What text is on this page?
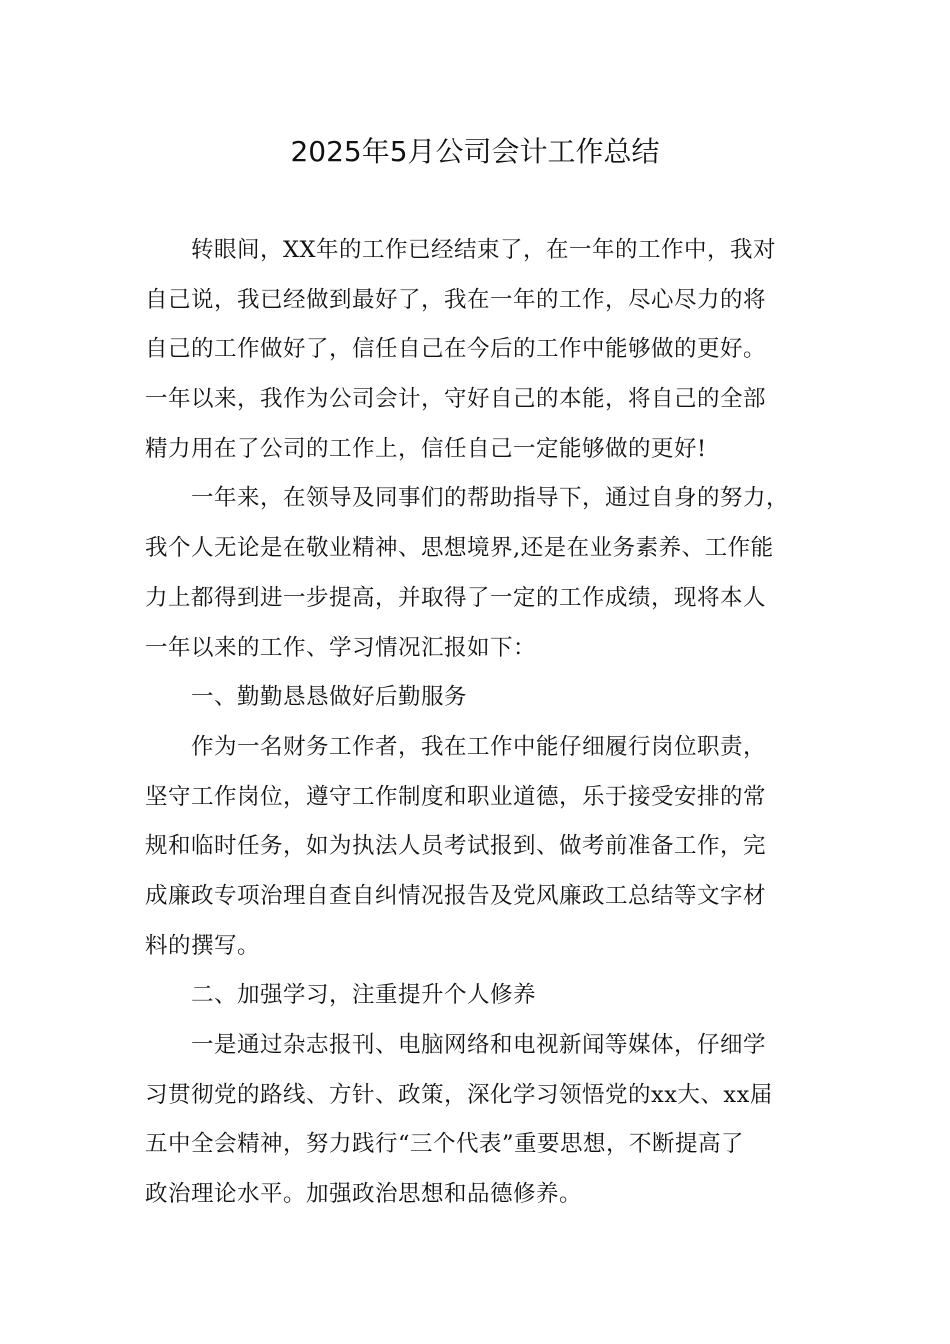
2025年5月公司会计工作总结
转眼间，XX年的工作已经结束了，在一年的工作中，我对
自己说，我已经做到最好了，我在一年的工作，尽心尽力的将
自己的工作做好了，信任自己在今后的工作中能够做的更好。
一年以来，我作为公司会计，守好自己的本能，将自己的全部
精力用在了公司的工作上，信任自己一定能够做的更好!
一年来，在领导及同事们的帮助指导下，通过自身的努力，
我个人无论是在敬业精神、思想境界,还是在业务素养、工作能
力上都得到进一步提高，并取得了一定的工作成绩，现将本人
一年以来的工作、学习情况汇报如下：
一、勤勤恳恳做好后勤服务
作为一名财务工作者，我在工作中能仔细履行岗位职责，
坚守工作岗位，遵守工作制度和职业道德，乐于接受安排的常
规和临时任务，如为执法人员考试报到、做考前准备工作，完
成廉政专项治理自查自纠情况报告及党风廉政工总结等文字材
料的撰写。
二、加强学习，注重提升个人修养
一是通过杂志报刊、电脑网络和电视新闻等媒体，仔细学
习贯彻党的路线、方针、政策，深化学习领悟党的xx大、xx届
五中全会精神，努力践行“三个代表”重要思想，不断提高了
政治理论水平。加强政治思想和品德修养。
